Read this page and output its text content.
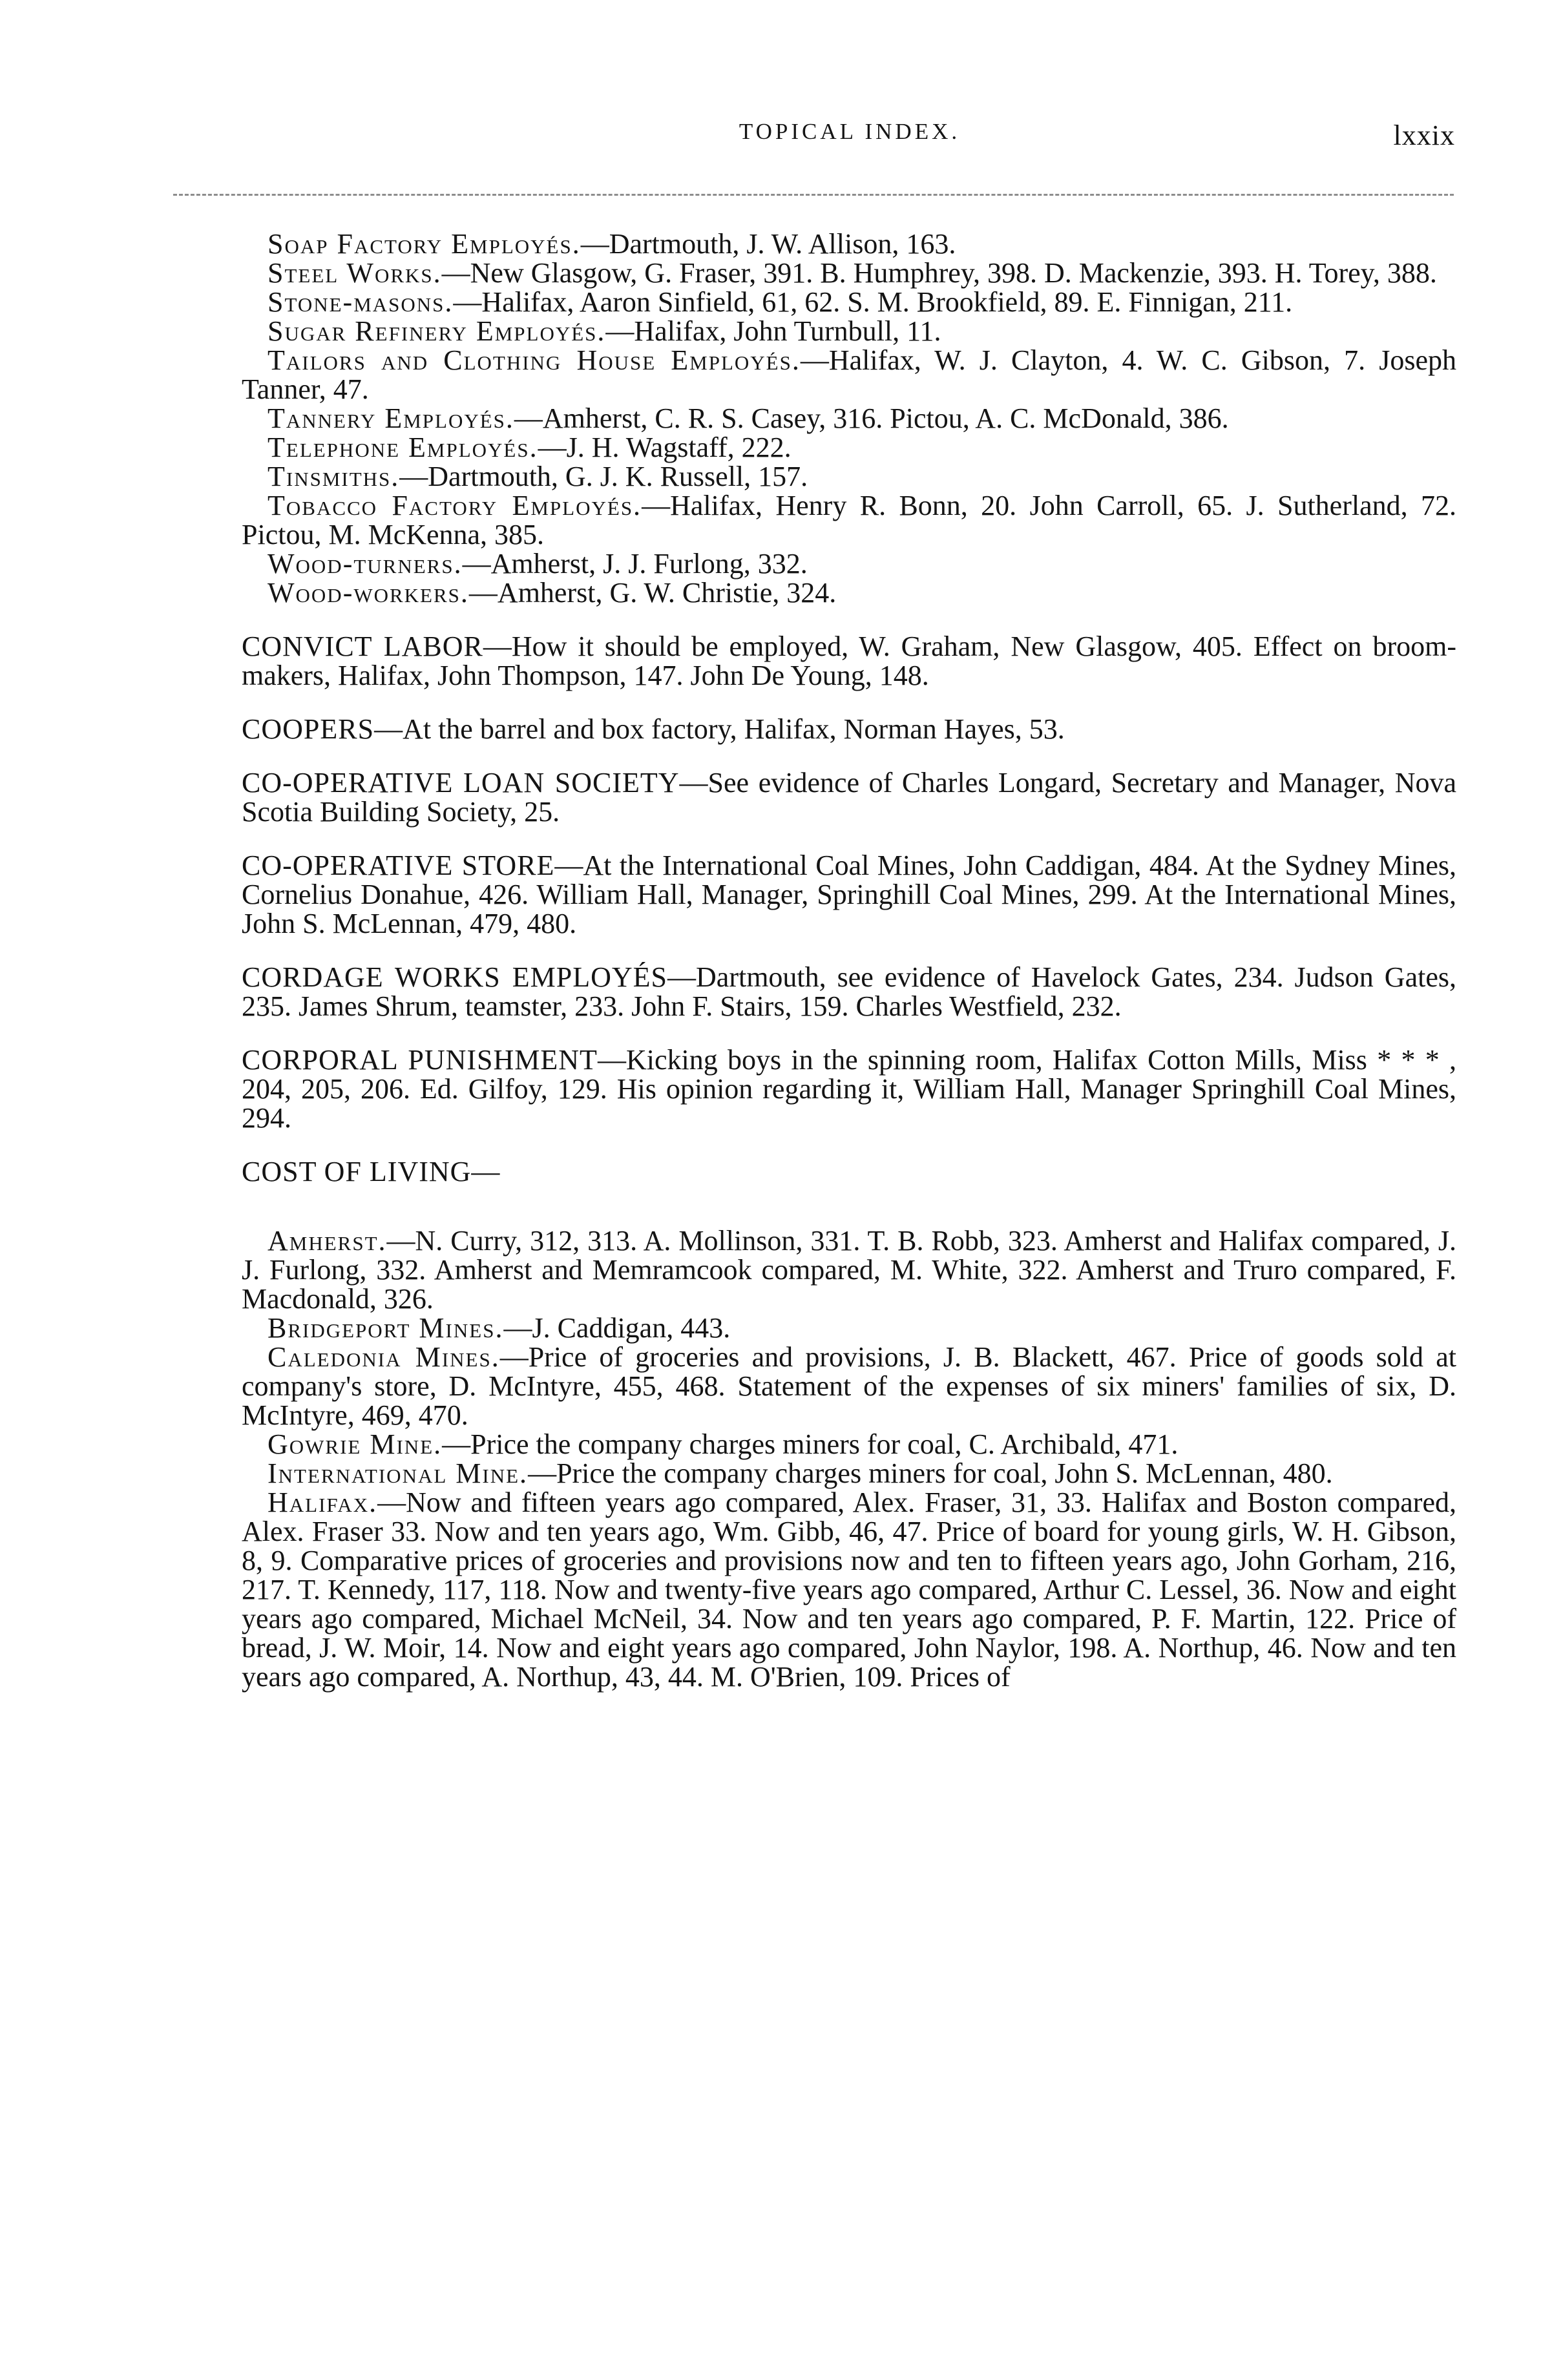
TOPICAL INDEX.	lxxix

Soap Factory Employés.—Dartmouth, J. W. Allison, 163.

Steel Works.—New Glasgow, G. Fraser, 391. B. Humphrey, 398. D. Mackenzie, 393. H. Torey, 388.

Stone-masons.—Halifax, Aaron Sinfield, 61, 62. S. M. Brookfield, 89. E. Finnigan, 211.

Sugar Refinery Employés.—Halifax, John Turnbull, 11.

Tailors and Clothing House Employés.—Halifax, W. J. Clayton, 4. W. C. Gibson, 7. Joseph Tanner, 47.

Tannery Employés.—Amherst, C. R. S. Casey, 316. Pictou, A. C. McDonald, 386.

Telephone Employés.—J. H. Wagstaff, 222.

Tinsmiths.—Dartmouth, G. J. K. Russell, 157.

Tobacco Factory Employés.—Halifax, Henry R. Bonn, 20. John Carroll, 65. J. Sutherland, 72. Pictou, M. McKenna, 385.

Wood-turners.—Amherst, J. J. Furlong, 332.

Wood-workers.—Amherst, G. W. Christie, 324.

CONVICT LABOR—How it should be employed, W. Graham, New Glasgow, 405. Effect on broom-makers, Halifax, John Thompson, 147. John De Young, 148.
COOPERS—At the barrel and box factory, Halifax, Norman Hayes, 53.
CO-OPERATIVE LOAN SOCIETY—See evidence of Charles Longard, Secretary and Manager, Nova Scotia Building Society, 25.
CO-OPERATIVE STORE—At the International Coal Mines, John Caddigan, 484. At the Sydney Mines, Cornelius Donahue, 426. William Hall, Manager, Springhill Coal Mines, 299. At the International Mines, John S. McLennan, 479, 480.
CORDAGE WORKS EMPLOYÉS—Dartmouth, see evidence of Havelock Gates, 234. Judson Gates, 235. James Shrum, teamster, 233. John F. Stairs, 159. Charles Westfield, 232.
CORPORAL PUNISHMENT—Kicking boys in the spinning room, Halifax Cotton Mills, Miss * * * , 204, 205, 206. Ed. Gilfoy, 129. His opinion regarding it, William Hall, Manager Springhill Coal Mines, 294.
COST OF LIVING—

Amherst.—N. Curry, 312, 313. A. Mollinson, 331. T. B. Robb, 323. Amherst and Halifax compared, J. J. Furlong, 332. Amherst and Memramcook compared, M. White, 322. Amherst and Truro compared, F. Macdonald, 326.

Bridgeport Mines.—J. Caddigan, 443.

Caledonia Mines.—Price of groceries and provisions, J. B. Blackett, 467. Price of goods sold at company's store, D. McIntyre, 455, 468. Statement of the expenses of six miners' families of six, D. McIntyre, 469, 470.

Gowrie Mine.—Price the company charges miners for coal, C. Archibald, 471.

International Mine.—Price the company charges miners for coal, John S. McLennan, 480.

Halifax.—Now and fifteen years ago compared, Alex. Fraser, 31, 33. Halifax and Boston compared, Alex. Fraser 33. Now and ten years ago, Wm. Gibb, 46, 47. Price of board for young girls, W. H. Gibson, 8, 9. Comparative prices of groceries and provisions now and ten to fifteen years ago, John Gorham, 216, 217. T. Kennedy, 117, 118. Now and twenty-five years ago compared, Arthur C. Lessel, 36. Now and eight years ago compared, Michael McNeil, 34. Now and ten years ago compared, P. F. Martin, 122. Price of bread, J. W. Moir, 14. Now and eight years ago compared, John Naylor, 198. A. Northup, 46. Now and ten years ago compared, A. Northup, 43, 44. M. O'Brien, 109. Prices of
